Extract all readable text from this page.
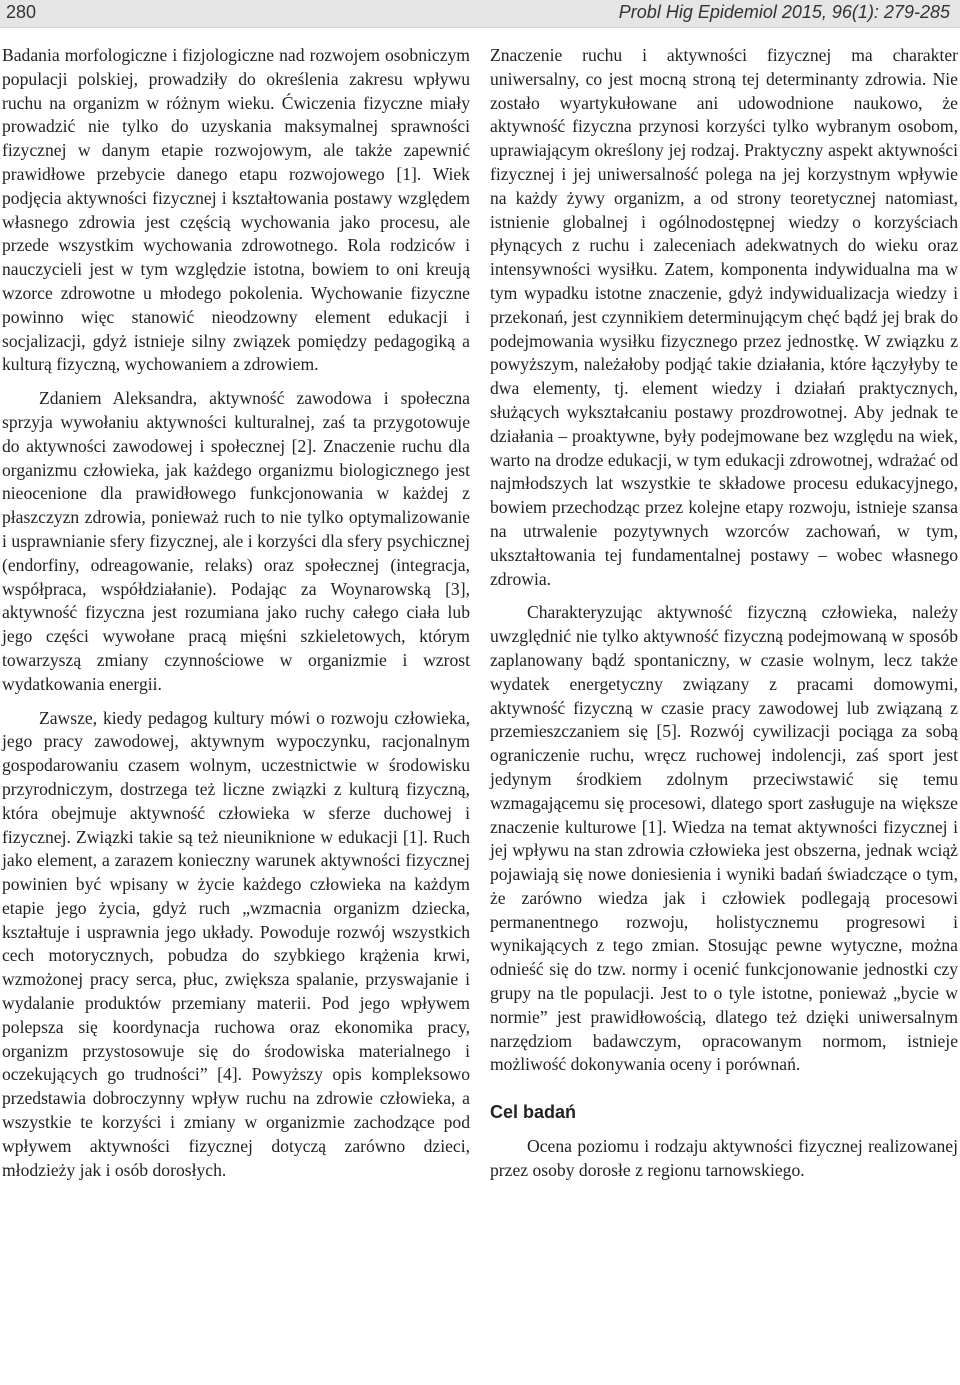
280	Probl Hig Epidemiol 2015, 96(1): 279-285

Badania morfologiczne i fizjologiczne nad rozwojem osobniczym populacji polskiej, prowadziły do określenia zakresu wpływu ruchu na organizm w różnym wieku. Ćwiczenia fizyczne miały prowadzić nie tylko do uzyskania maksymalnej sprawności fizycznej w danym etapie rozwojowym, ale także zapewnić prawidłowe przebycie danego etapu rozwojowego [1]. Wiek podjęcia aktywności fizycznej i kształtowania postawy względem własnego zdrowia jest częścią wychowania jako procesu, ale przede wszystkim wychowania zdrowotnego. Rola rodziców i nauczycieli jest w tym względzie istotna, bowiem to oni kreują wzorce zdrowotne u młodego pokolenia. Wychowanie fizyczne powinno więc stanowić nieodzowny element edukacji i socjalizacji, gdyż istnieje silny związek pomiędzy pedagogiką a kulturą fizyczną, wychowaniem a zdrowiem.

Zdaniem Aleksandra, aktywność zawodowa i społeczna sprzyja wywołaniu aktywności kulturalnej, zaś ta przygotowuje do aktywności zawodowej i społecznej [2]. Znaczenie ruchu dla organizmu człowieka, jak każdego organizmu biologicznego jest nieocenione dla prawidłowego funkcjonowania w każdej z płaszczyzn zdrowia, ponieważ ruch to nie tylko optymalizowanie i usprawnianie sfery fizycznej, ale i korzyści dla sfery psychicznej (endorfiny, odreagowanie, relaks) oraz społecznej (integracja, współpraca, współdziałanie). Podając za Woynarowską [3], aktywność fizyczna jest rozumiana jako ruchy całego ciała lub jego części wywołane pracą mięśni szkieletowych, którym towarzyszą zmiany czynnościowe w organizmie i wzrost wydatkowania energii.

Zawsze, kiedy pedagog kultury mówi o rozwoju człowieka, jego pracy zawodowej, aktywnym wypoczynku, racjonalnym gospodarowaniu czasem wolnym, uczestnictwie w środowisku przyrodniczym, dostrzega też liczne związki z kulturą fizyczną, która obejmuje aktywność człowieka w sferze duchowej i fizycznej. Związki takie są też nieuniknione w edukacji [1]. Ruch jako element, a zarazem konieczny warunek aktywności fizycznej powinien być wpisany w życie każdego człowieka na każdym etapie jego życia, gdyż ruch „wzmacnia organizm dziecka, kształtuje i usprawnia jego układy. Powoduje rozwój wszystkich cech motorycznych, pobudza do szybkiego krążenia krwi, wzmożonej pracy serca, płuc, zwiększa spalanie, przyswajanie i wydalanie produktów przemiany materii. Pod jego wpływem polepsza się koordynacja ruchowa oraz ekonomika pracy, organizm przystosowuje się do środowiska materialnego i oczekujących go trudności” [4]. Powyższy opis kompleksowo przedstawia dobroczynny wpływ ruchu na zdrowie człowieka, a wszystkie te korzyści i zmiany w organizmie zachodzące pod wpływem aktywności fizycznej dotyczą zarówno dzieci, młodzieży jak i osób dorosłych.

Znaczenie ruchu i aktywności fizycznej ma charakter uniwersalny, co jest mocną stroną tej determinanty zdrowia. Nie zostało wyartykułowane ani udowodnione naukowo, że aktywność fizyczna przynosi korzyści tylko wybranym osobom, uprawiającym określony jej rodzaj. Praktyczny aspekt aktywności fizycznej i jej uniwersalność polega na jej korzystnym wpływie na każdy żywy organizm, a od strony teoretycznej natomiast, istnienie globalnej i ogólnodostępnej wiedzy o korzyściach płynących z ruchu i zaleceniach adekwatnych do wieku oraz intensywności wysiłku. Zatem, komponenta indywidualna ma w tym wypadku istotne znaczenie, gdyż indywidualizacja wiedzy i przekonań, jest czynnikiem determinującym chęć bądź jej brak do podejmowania wysiłku fizycznego przez jednostkę. W związku z powyższym, należałoby podjąć takie działania, które łączyłyby te dwa elementy, tj. element wiedzy i działań praktycznych, służących wykształcaniu postawy prozdrowotnej. Aby jednak te działania – proaktywne, były podejmowane bez względu na wiek, warto na drodze edukacji, w tym edukacji zdrowotnej, wdrażać od najmłodszych lat wszystkie te składowe procesu edukacyjnego, bowiem przechodząc przez kolejne etapy rozwoju, istnieje szansa na utrwalenie pozytywnych wzorców zachowań, w tym, ukształtowania tej fundamentalnej postawy – wobec własnego zdrowia.

Charakteryzując aktywność fizyczną człowieka, należy uwzględnić nie tylko aktywność fizyczną podejmowaną w sposób zaplanowany bądź spontaniczny, w czasie wolnym, lecz także wydatek energetyczny związany z pracami domowymi, aktywność fizyczną w czasie pracy zawodowej lub związaną z przemieszczaniem się [5]. Rozwój cywilizacji pociąga za sobą ograniczenie ruchu, wręcz ruchowej indolencji, zaś sport jest jedynym środkiem zdolnym przeciwstawić się temu wzmagającemu się procesowi, dlatego sport zasługuje na większe znaczenie kulturowe [1]. Wiedza na temat aktywności fizycznej i jej wpływu na stan zdrowia człowieka jest obszerna, jednak wciąż pojawiają się nowe doniesienia i wyniki badań świadczące o tym, że zarówno wiedza jak i człowiek podlegają procesowi permanentnego rozwoju, holistycznemu progresowi i wynikających z tego zmian. Stosując pewne wytyczne, można odnieść się do tzw. normy i ocenić funkcjonowanie jednostki czy grupy na tle populacji. Jest to o tyle istotne, ponieważ „bycie w normie” jest prawidłowością, dlatego też dzięki uniwersalnym narzędziom badawczym, opracowanym normom, istnieje możliwość dokonywania oceny i porównań.

Cel badań

Ocena poziomu i rodzaju aktywności fizycznej realizowanej przez osoby dorosłe z regionu tarnowskiego.
